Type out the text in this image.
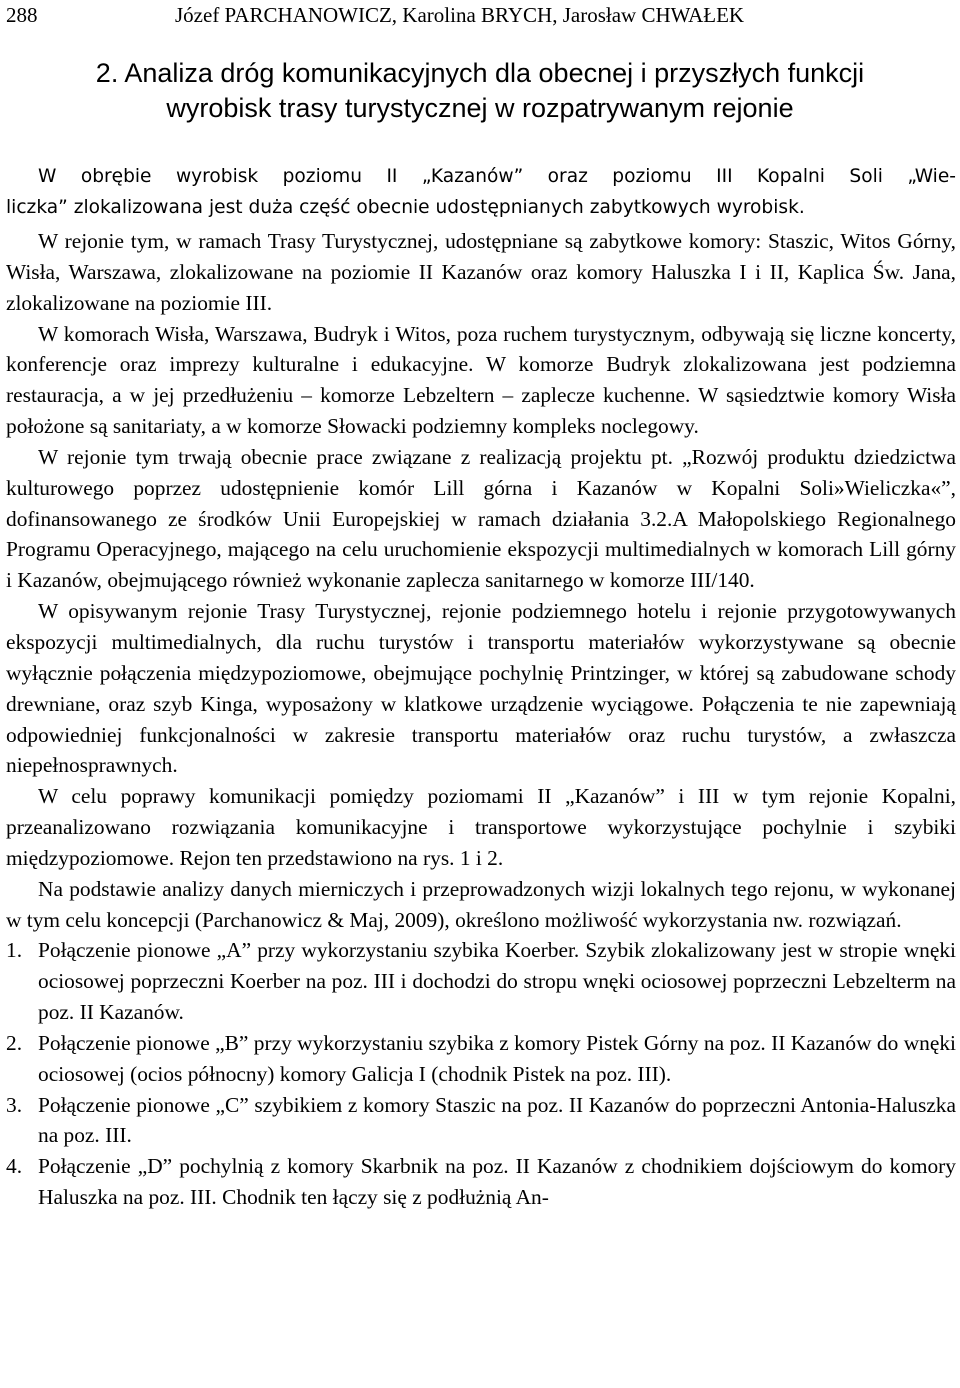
288	Józef PARCHANOWICZ, Karolina BRYCH, Jarosław CHWAŁEK
2. Analiza dróg komunikacyjnych dla obecnej i przyszłych funkcji
wyrobisk trasy turystycznej w rozpatrywanym rejonie
W obrębie wyrobisk poziomu II „Kazanów” oraz poziomu III Kopalni Soli „Wie-
liczka” zlokalizowana jest duża część obecnie udostępnianych zabytkowych wyrobisk.

W rejonie tym, w ramach Trasy Turystycznej, udostępniane są zabytkowe komory: Staszic, Witos Górny, Wisła, Warszawa, zlokalizowane na poziomie II Kazanów oraz komory Haluszka I i II, Kaplica Św. Jana, zlokalizowane na poziomie III.

W komorach Wisła, Warszawa, Budryk i Witos, poza ruchem turystycznym, odbywają się liczne koncerty, konferencje oraz imprezy kulturalne i edukacyjne. W komorze Budryk zlokalizowana jest podziemna restauracja, a w jej przedłużeniu – komorze Lebzeltern – zaplecze kuchenne. W sąsiedztwie komory Wisła położone są sanitariaty, a w komorze Słowacki podziemny kompleks noclegowy.

W rejonie tym trwają obecnie prace związane z realizacją projektu pt. „Rozwój produktu dziedzictwa kulturowego poprzez udostępnienie komór Lill górna i Kazanów w Kopalni Soli»Wieliczka«”, dofinansowanego ze środków Unii Europejskiej w ramach działania 3.2.A Małopolskiego Regionalnego Programu Operacyjnego, mającego na celu uruchomienie ekspozycji multimedialnych w komorach Lill górny i Kazanów, obejmującego również wykonanie zaplecza sanitarnego w komorze III/140.

W opisywanym rejonie Trasy Turystycznej, rejonie podziemnego hotelu i rejonie przygotowywanych ekspozycji multimedialnych, dla ruchu turystów i transportu materiałów wykorzystywane są obecnie wyłącznie połączenia międzypoziomowe, obejmujące pochylnię Printzinger, w której są zabudowane schody drewniane, oraz szyb Kinga, wyposażony w klatkowe urządzenie wyciągowe. Połączenia te nie zapewniają odpowiedniej funkcjonalności w zakresie transportu materiałów oraz ruchu turystów, a zwłaszcza niepełnosprawnych.

W celu poprawy komunikacji pomiędzy poziomami II „Kazanów” i III w tym rejonie Kopalni, przeanalizowano rozwiązania komunikacyjne i transportowe wykorzystujące pochylnie i szybiki międzypoziomowe. Rejon ten przedstawiono na rys. 1 i 2.

Na podstawie analizy danych mierniczych i przeprowadzonych wizji lokalnych tego rejonu, w wykonanej w tym celu koncepcji (Parchanowicz & Maj, 2009), określono możliwość wykorzystania nw. rozwiązań.

1. Połączenie pionowe „A” przy wykorzystaniu szybika Koerber. Szybik zlokalizowany jest w stropie wnęki ociosowej poprzeczni Koerber na poz. III i dochodzi do stropu wnęki ociosowej poprzeczni Lebzelterm na poz. II Kazanów.
2. Połączenie pionowe „B” przy wykorzystaniu szybika z komory Pistek Górny na poz. II Kazanów do wnęki ociosowej (ocios północny) komory Galicja I (chodnik Pistek na poz. III).
3. Połączenie pionowe „C” szybikiem z komory Staszic na poz. II Kazanów do poprzeczni Antonia-Haluszka na poz. III.
4. Połączenie „D” pochylnią z komory Skarbnik na poz. II Kazanów z chodnikiem dojściowym do komory Haluszka na poz. III. Chodnik ten łączy się z podłużnią An-
